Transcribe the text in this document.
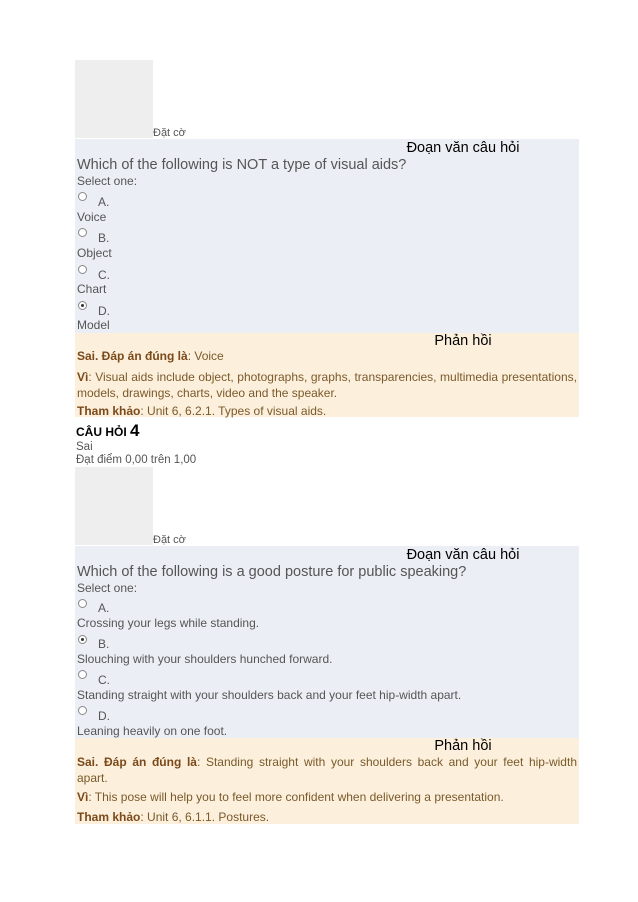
Đặt cờ
Đoạn văn câu hỏi
Which of the following is NOT a type of visual aids?
Select one:
A.
Voice
B.
Object
C.
Chart
D.
Model
Phản hồi
Sai. Đáp án đúng là: Voice
Vì: Visual aids include object, photographs, graphs, transparencies, multimedia presentations, models, drawings, charts, video and the speaker.
Tham khảo: Unit 6, 6.2.1. Types of visual aids.
CÂU HỎI 4
Sai
Đạt điểm 0,00 trên 1,00
Đặt cờ
Đoạn văn câu hỏi
Which of the following is a good posture for public speaking?
Select one:
A.
Crossing your legs while standing.
B.
Slouching with your shoulders hunched forward.
C.
Standing straight with your shoulders back and your feet hip-width apart.
D.
Leaning heavily on one foot.
Phản hồi
Sai. Đáp án đúng là: Standing straight with your shoulders back and your feet hip-width apart.
Vì: This pose will help you to feel more confident when delivering a presentation.
Tham khảo: Unit 6, 6.1.1. Postures.
